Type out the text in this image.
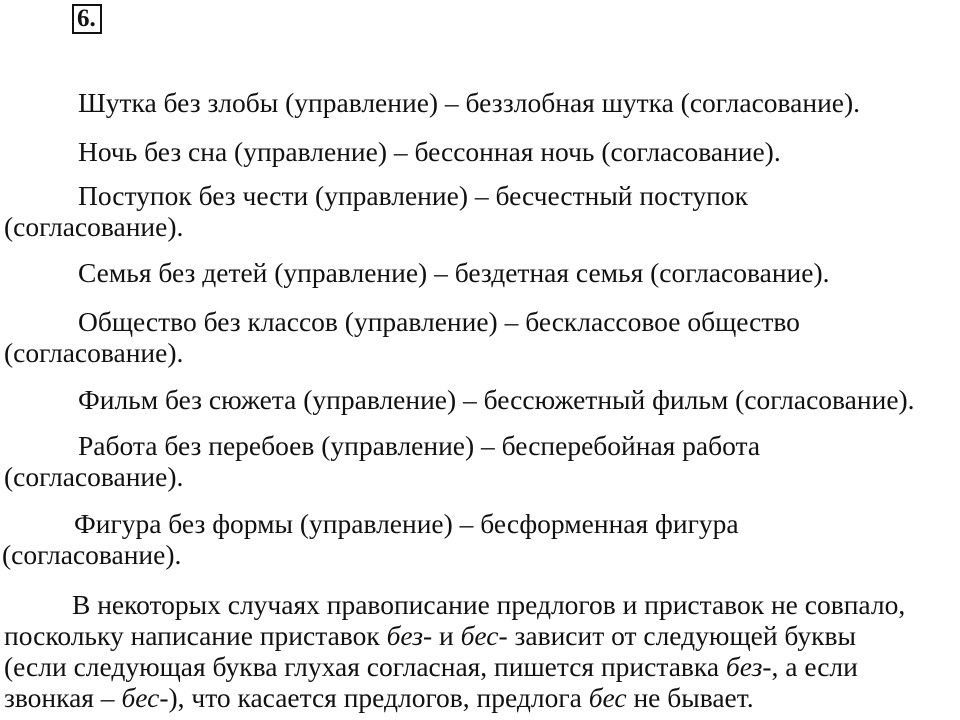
6.

Шутка без злобы (управление) – беззлобная шутка (согласование).

Ночь без сна (управление) – бессонная ночь (согласование).

Поступок без чести (управление) – бесчестный поступок
(согласование).

Семья без детей (управление) – бездетная семья (согласование).

Общество без классов (управление) – бесклассовое общество
(согласование).

Фильм без сюжета (управление) – бессюжетный фильм (согласование).

Работа без перебоев (управление) – бесперебойная работа
(согласование).

Фигура без формы (управление) – бесформенная фигура
(согласование).

В некоторых случаях правописание предлогов и приставок не совпало,
поскольку написание приставок без- и бес- зависит от следующей буквы
(если следующая буква глухая согласная, пишется приставка без-, а если
звонкая – бес-), что касается предлогов, предлога бес не бывает.
